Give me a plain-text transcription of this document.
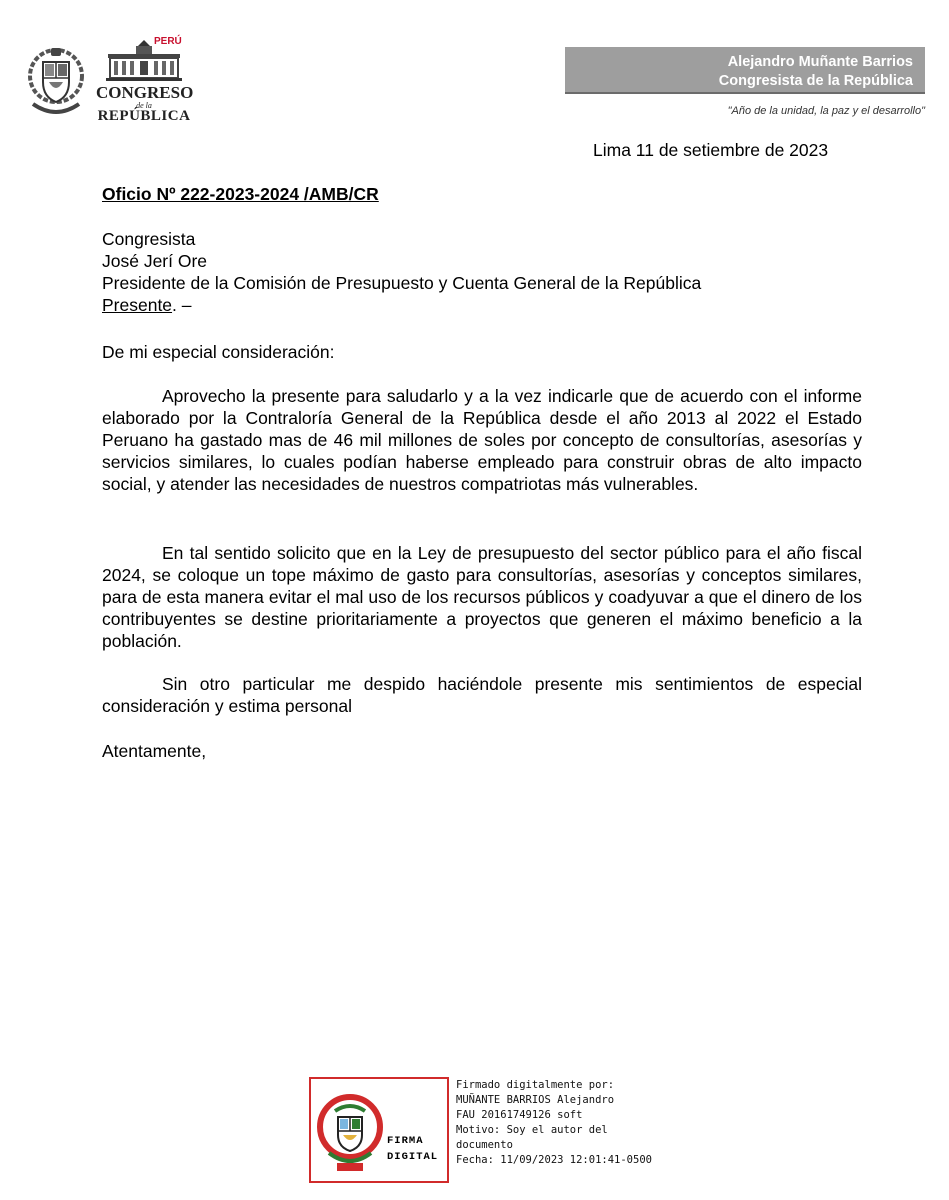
PERÚ
CONGRESO
de la
REPÚBLICA
Alejandro Muñante Barrios
Congresista de la República
"Año de la unidad, la paz y el desarrollo"
Lima 11 de setiembre de 2023
Oficio Nº 222-2023-2024 /AMB/CR
Congresista
José Jerí Ore
Presidente de la Comisión de Presupuesto y Cuenta General de la República
Presente. –
De mi especial consideración:
Aprovecho la presente para saludarlo y a la vez indicarle que de acuerdo con el informe elaborado por la Contraloría General de la República desde el año 2013 al 2022 el Estado Peruano ha gastado mas de 46 mil millones de soles por concepto de consultorías, asesorías y servicios similares, lo cuales podían haberse empleado para construir obras de alto impacto social, y atender las necesidades de nuestros compatriotas más vulnerables.
En tal sentido solicito que en la Ley de presupuesto del sector público para el año fiscal 2024, se coloque un tope máximo de gasto para consultorías, asesorías y conceptos similares, para de esta manera evitar el mal uso de los recursos públicos y coadyuvar a que el dinero de los contribuyentes se destine prioritariamente a proyectos que generen el máximo beneficio a la población.
Sin otro particular me despido haciéndole presente mis sentimientos de especial consideración y estima personal
Atentamente,
FIRMA
DIGITAL
Firmado digitalmente por:
MUÑANTE BARRIOS Alejandro
FAU 20161749126 soft
Motivo: Soy el autor del
documento
Fecha: 11/09/2023 12:01:41-0500
